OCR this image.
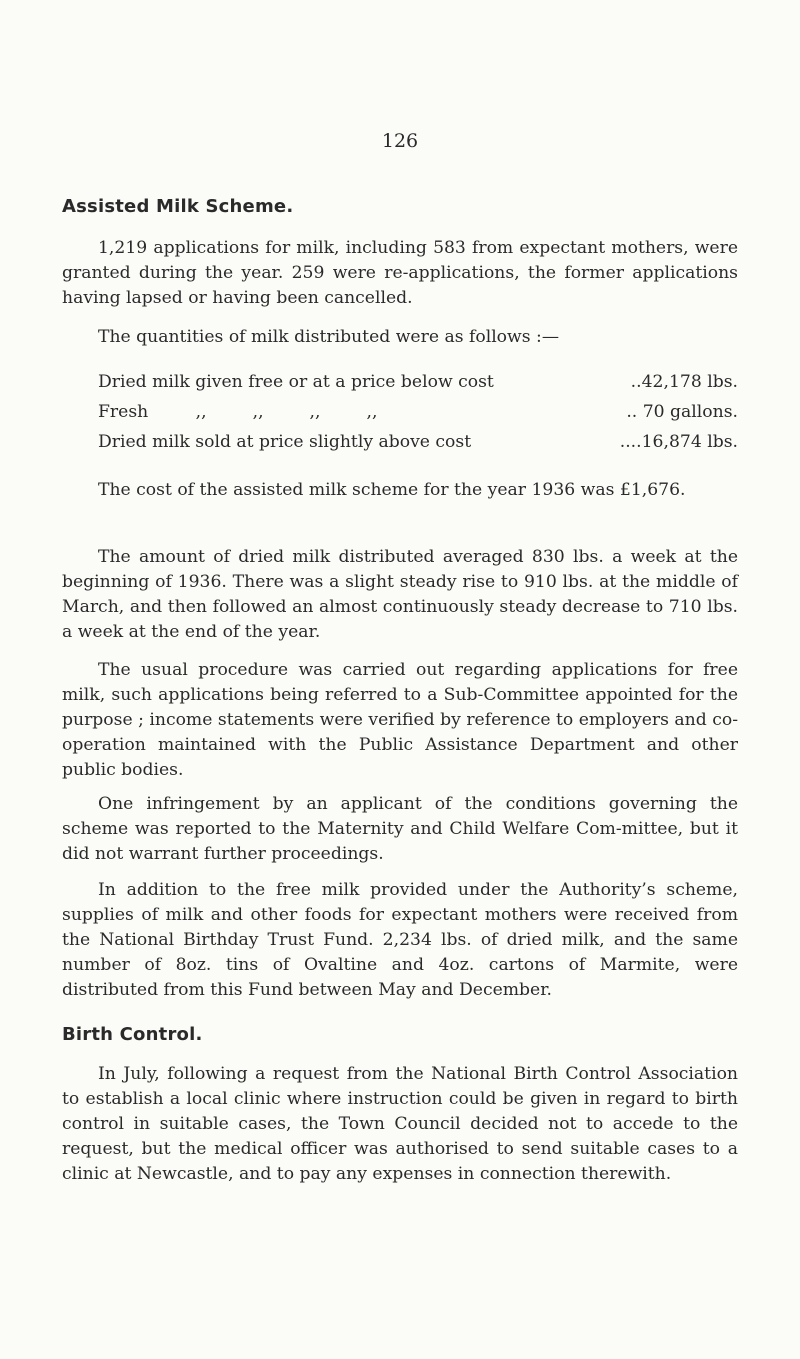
126
Assisted Milk Scheme.
1,219 applications for milk, including 583 from expectant mothers, were granted during the year. 259 were re-applications, the former applications having lapsed or having been cancelled.
The quantities of milk distributed were as follows :—
Dried milk given free or at a price below cost	..42,178 lbs.
Fresh	,,	,,	,,	,,	.. 70 gallons.
Dried milk sold at price slightly above cost	....16,874 lbs.
The cost of the assisted milk scheme for the year 1936 was £1,676.
The amount of dried milk distributed averaged 830 lbs. a week at the beginning of 1936. There was a slight steady rise to 910 lbs. at the middle of March, and then followed an almost continuously steady decrease to 710 lbs. a week at the end of the year.
The usual procedure was carried out regarding applications for free milk, such applications being referred to a Sub-Committee appointed for the purpose ; income statements were verified by reference to employers and co-operation maintained with the Public Assistance Department and other public bodies.
One infringement by an applicant of the conditions governing the scheme was reported to the Maternity and Child Welfare Com-mittee, but it did not warrant further proceedings.
In addition to the free milk provided under the Authority’s scheme, supplies of milk and other foods for expectant mothers were received from the National Birthday Trust Fund. 2,234 lbs. of dried milk, and the same number of 8oz. tins of Ovaltine and 4oz. cartons of Marmite, were distributed from this Fund between May and December.
Birth Control.
In July, following a request from the National Birth Control Association to establish a local clinic where instruction could be given in regard to birth control in suitable cases, the Town Council decided not to accede to the request, but the medical officer was authorised to send suitable cases to a clinic at Newcastle, and to pay any expenses in connection therewith.
